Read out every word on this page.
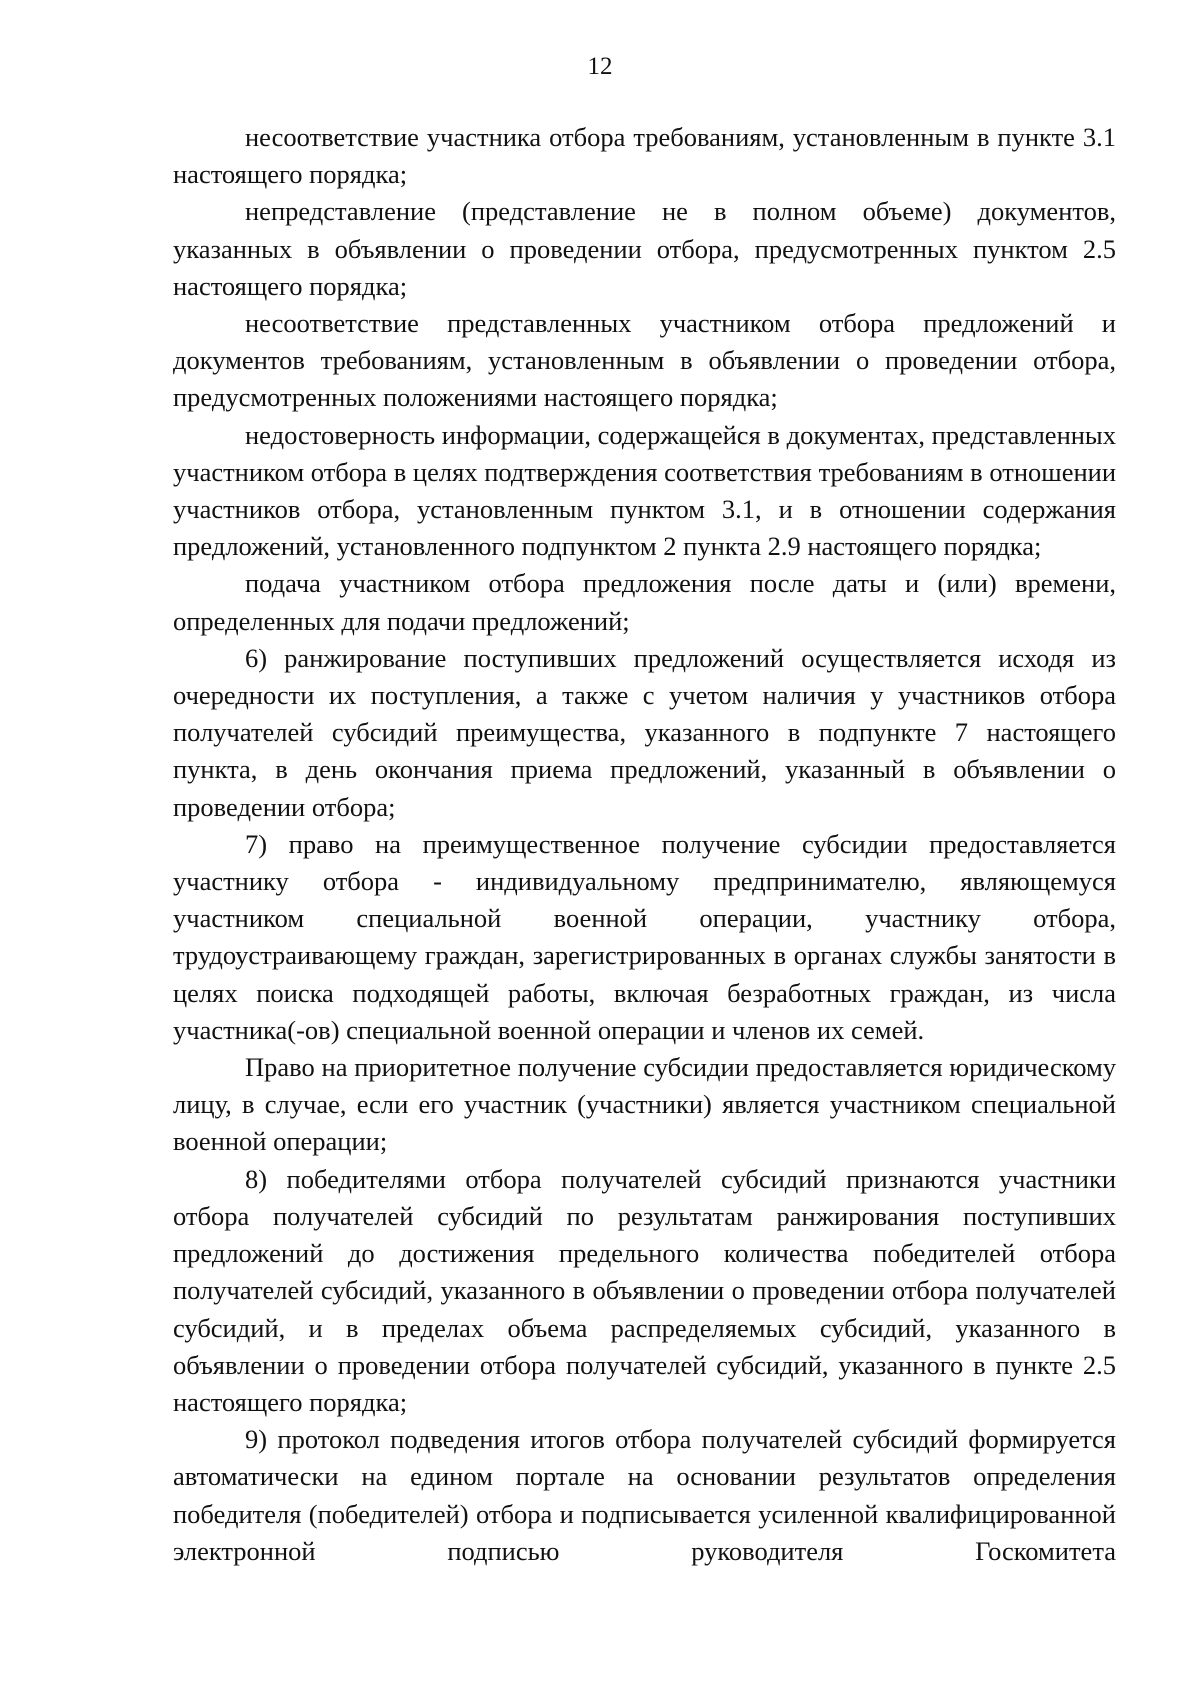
12

несоответствие участника отбора требованиям, установленным в пункте 3.1 настоящего порядка;

непредставление (представление не в полном объеме) документов, указанных в объявлении о проведении отбора, предусмотренных пунктом 2.5 настоящего порядка;

несоответствие представленных участником отбора предложений и документов требованиям, установленным в объявлении о проведении отбора, предусмотренных положениями настоящего порядка;

недостоверность информации, содержащейся в документах, представленных участником отбора в целях подтверждения соответствия требованиям в отношении участников отбора, установленным пунктом 3.1, и в отношении содержания предложений, установленного подпунктом 2 пункта 2.9 настоящего порядка;

подача участником отбора предложения после даты и (или) времени, определенных для подачи предложений;

6) ранжирование поступивших предложений осуществляется исходя из очередности их поступления, а также с учетом наличия у участников отбора получателей субсидий преимущества, указанного в подпункте 7 настоящего пункта, в день окончания приема предложений, указанный в объявлении о проведении отбора;

7) право на преимущественное получение субсидии предоставляется участнику отбора - индивидуальному предпринимателю, являющемуся участником специальной военной операции, участнику отбора, трудоустраивающему граждан, зарегистрированных в органах службы занятости в целях поиска подходящей работы, включая безработных граждан, из числа участника(-ов) специальной военной операции и членов их семей.

Право на приоритетное получение субсидии предоставляется юридическому лицу, в случае, если его участник (участники) является участником специальной военной операции;

8) победителями отбора получателей субсидий признаются участники отбора получателей субсидий по результатам ранжирования поступивших предложений до достижения предельного количества победителей отбора получателей субсидий, указанного в объявлении о проведении отбора получателей субсидий, и в пределах объема распределяемых субсидий, указанного в объявлении о проведении отбора получателей субсидий, указанного в пункте 2.5 настоящего порядка;

9) протокол подведения итогов отбора получателей субсидий формируется автоматически на едином портале на основании результатов определения победителя (победителей) отбора и подписывается усиленной квалифицированной электронной подписью руководителя Госкомитета
